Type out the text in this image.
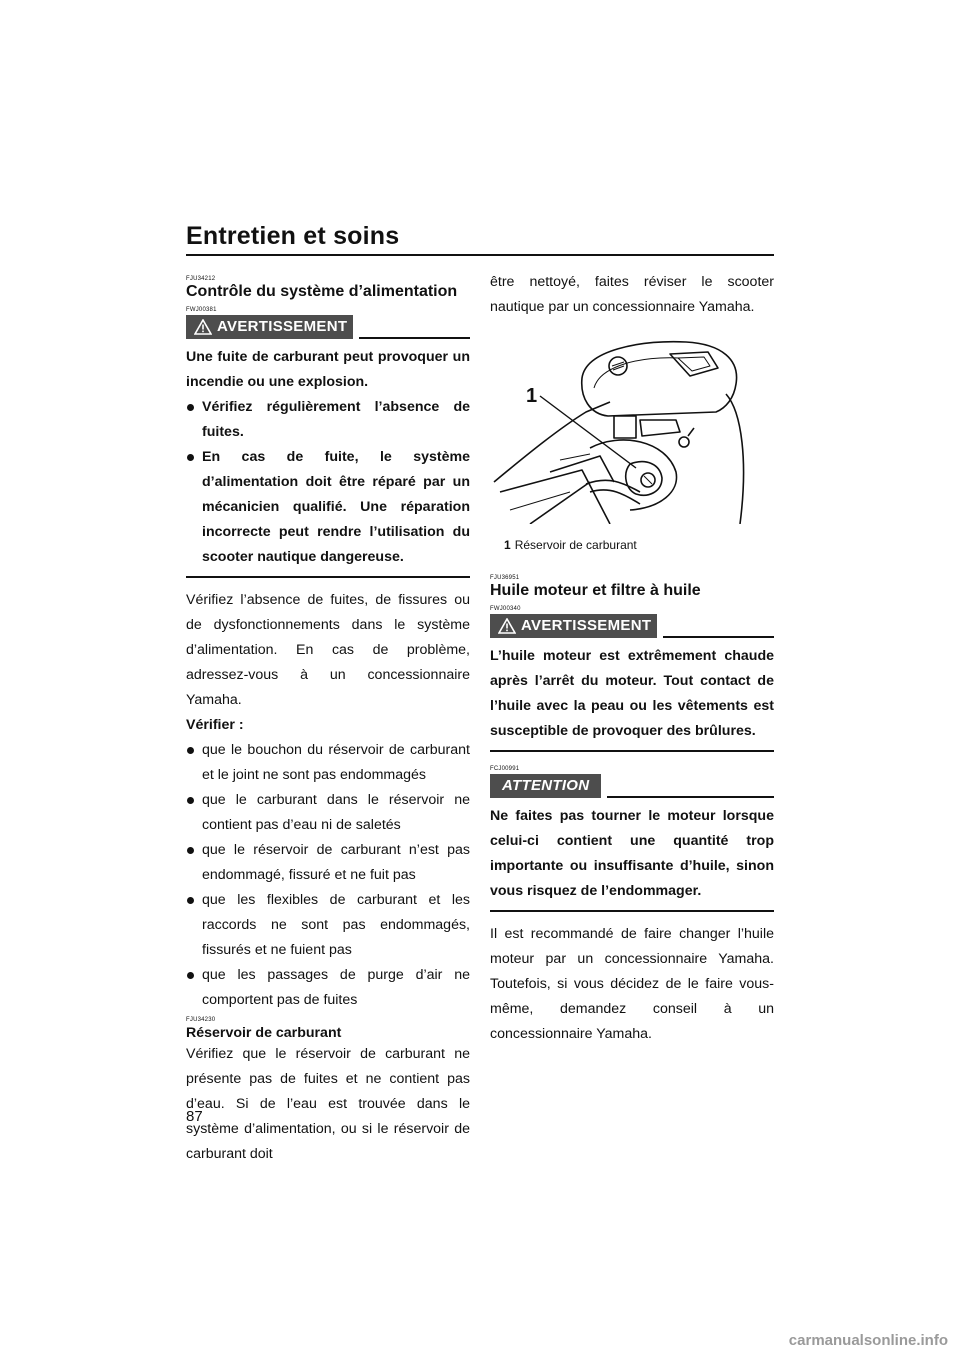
Entretien et soins
FJU34212
Contrôle du système d’alimentation
FWJ00381
AVERTISSEMENT

Une fuite de carburant peut provoquer un incendie ou une explosion.

Vérifiez régulièrement l’absence de fuites.
En cas de fuite, le système d’alimentation doit être réparé par un mécanicien qualifié. Une réparation incorrecte peut rendre l’utilisation du scooter nautique dangereuse.

Vérifiez l’absence de fuites, de fissures ou de dysfonctionnements dans le système d’alimentation. En cas de problème, adressez-vous à un concessionnaire Yamaha.

Vérifier :
que le bouchon du réservoir de carburant et le joint ne sont pas endommagés
que le carburant dans le réservoir ne contient pas d’eau ni de saletés
que le réservoir de carburant n’est pas endommagé, fissuré et ne fuit pas
que les flexibles de carburant et les raccords ne sont pas endommagés, fissurés et ne fuient pas
que les passages de purge d’air ne comportent pas de fuites
FJU34230
Réservoir de carburant

Vérifiez que le réservoir de carburant ne présente pas de fuites et ne contient pas d’eau. Si de l’eau est trouvée dans le système d’alimentation, ou si le réservoir de carburant doit

être nettoyé, faites réviser le scooter nautique par un concessionnaire Yamaha.

1
1 Réservoir de carburant
FJU36951
Huile moteur et filtre à huile
FWJ00340
AVERTISSEMENT

L’huile moteur est extrêmement chaude après l’arrêt du moteur. Tout contact de l’huile avec la peau ou les vêtements est susceptible de provoquer des brûlures.

FCJ00991
ATTENTION

Ne faites pas tourner le moteur lorsque celui-ci contient une quantité trop importante ou insuffisante d’huile, sinon vous risquez de l’endommager.

Il est recommandé de faire changer l’huile moteur par un concessionnaire Yamaha. Toutefois, si vous décidez de le faire vous-même, demandez conseil à un concessionnaire Yamaha.

87
carmanualsonline.info
